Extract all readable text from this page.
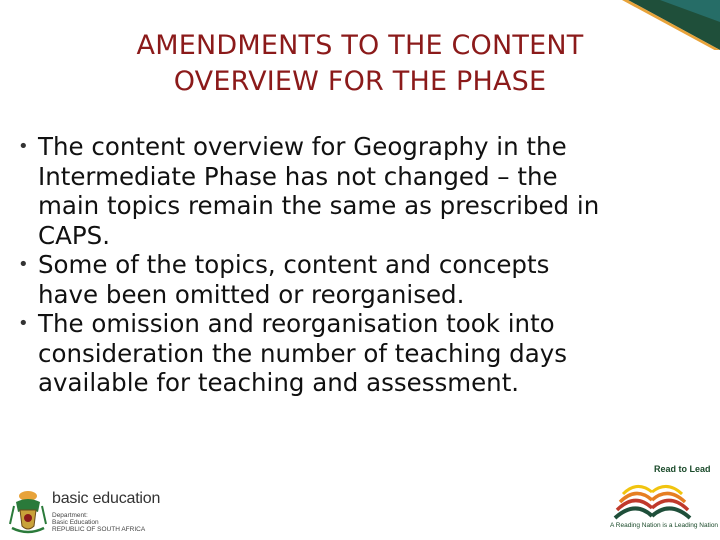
AMENDMENTS TO THE CONTENT
OVERVIEW FOR THE PHASE
• The content overview for Geography in the
Intermediate Phase has not changed – the
main topics remain the same as prescribed in
CAPS.
• Some of the topics, content and concepts
have been omitted or reorganised.
• The omission and reorganisation took into
consideration the number of teaching days
available for teaching and assessment.
basic education
Department:
Basic Education
REPUBLIC OF SOUTH AFRICA
Read to Lead
A Reading Nation is a Leading Nation
